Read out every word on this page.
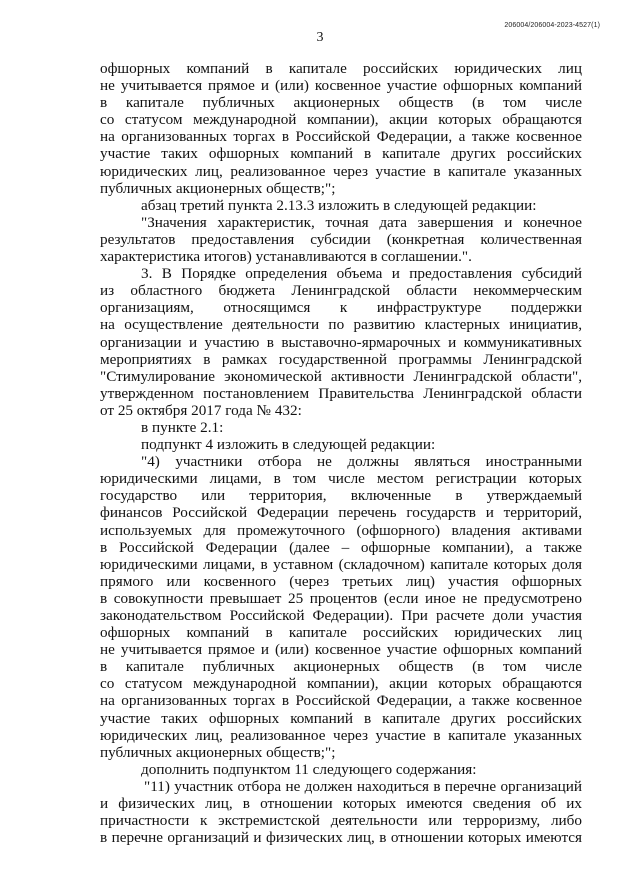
3
206004/206004-2023-4527(1)
офшорных компаний в капитале российских юридических лиц
не учитывается прямое и (или) косвенное участие офшорных компаний
в капитале публичных акционерных обществ (в том числе
со статусом международной компании), акции которых обращаются
на организованных торгах в Российской Федерации, а также косвенное
участие таких офшорных компаний в капитале других российских
юридических лиц, реализованное через участие в капитале указанных
публичных акционерных обществ;";
абзац третий пункта 2.13.3 изложить в следующей редакции:
"Значения характеристик, точная дата завершения и конечное
результатов предоставления субсидии (конкретная количественная
характеристика итогов) устанавливаются в соглашении.".
3. В Порядке определения объема и предоставления субсидий
из областного бюджета Ленинградской области некоммерческим
организациям, относящимся к инфраструктуре поддержки
на осуществление деятельности по развитию кластерных инициатив,
организации и участию в выставочно-ярмарочных и коммуникативных
мероприятиях в рамках государственной программы Ленинградской
"Стимулирование экономической активности Ленинградской области",
утвержденном постановлением Правительства Ленинградской области
от 25 октября 2017 года № 432:
в пункте 2.1:
подпункт 4 изложить в следующей редакции:
"4) участники отбора не должны являться иностранными
юридическими лицами, в том числе местом регистрации которых
государство или территория, включенные в утверждаемый
финансов Российской Федерации перечень государств и территорий,
используемых для промежуточного (офшорного) владения активами
в Российской Федерации (далее – офшорные компании), а также
юридическими лицами, в уставном (складочном) капитале которых доля
прямого или косвенного (через третьих лиц) участия офшорных
в совокупности превышает 25 процентов (если иное не предусмотрено
законодательством Российской Федерации). При расчете доли участия
офшорных компаний в капитале российских юридических лиц
не учитывается прямое и (или) косвенное участие офшорных компаний
в капитале публичных акционерных обществ (в том числе
со статусом международной компании), акции которых обращаются
на организованных торгах в Российской Федерации, а также косвенное
участие таких офшорных компаний в капитале других российских
юридических лиц, реализованное через участие в капитале указанных
публичных акционерных обществ;";
дополнить подпунктом 11 следующего содержания:
"11) участник отбора не должен находиться в перечне организаций
и физических лиц, в отношении которых имеются сведения об их
причастности к экстремистской деятельности или терроризму, либо
в перечне организаций и физических лиц, в отношении которых имеются
